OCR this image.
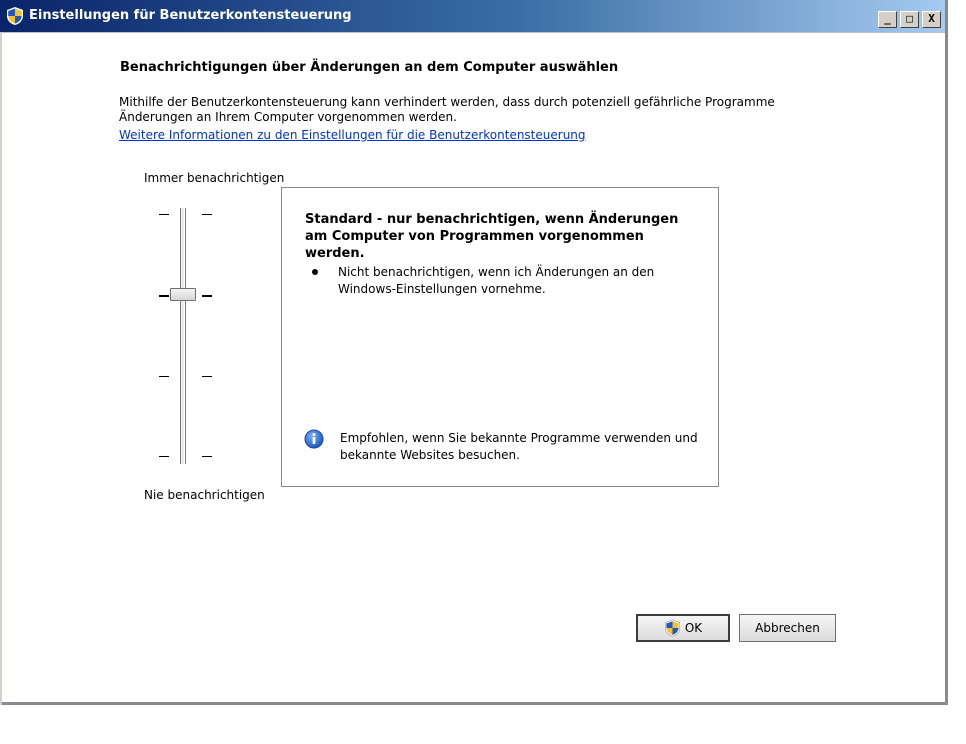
Einstellungen für Benutzerkontensteuerung	_	□	X
Benachrichtigungen über Änderungen an dem Computer auswählen
Mithilfe der Benutzerkontensteuerung kann verhindert werden, dass durch potenziell gefährliche Programme Änderungen an Ihrem Computer vorgenommen werden.
Weitere Informationen zu den Einstellungen für die Benutzerkontensteuerung
Immer benachrichtigen
Nie benachrichtigen
Standard - nur benachrichtigen, wenn Änderungen am Computer von Programmen vorgenommen werden.
Nicht benachrichtigen, wenn ich Änderungen an den Windows-Einstellungen vornehme.
Empfohlen, wenn Sie bekannte Programme verwenden und bekannte Websites besuchen.
OK	Abbrechen
